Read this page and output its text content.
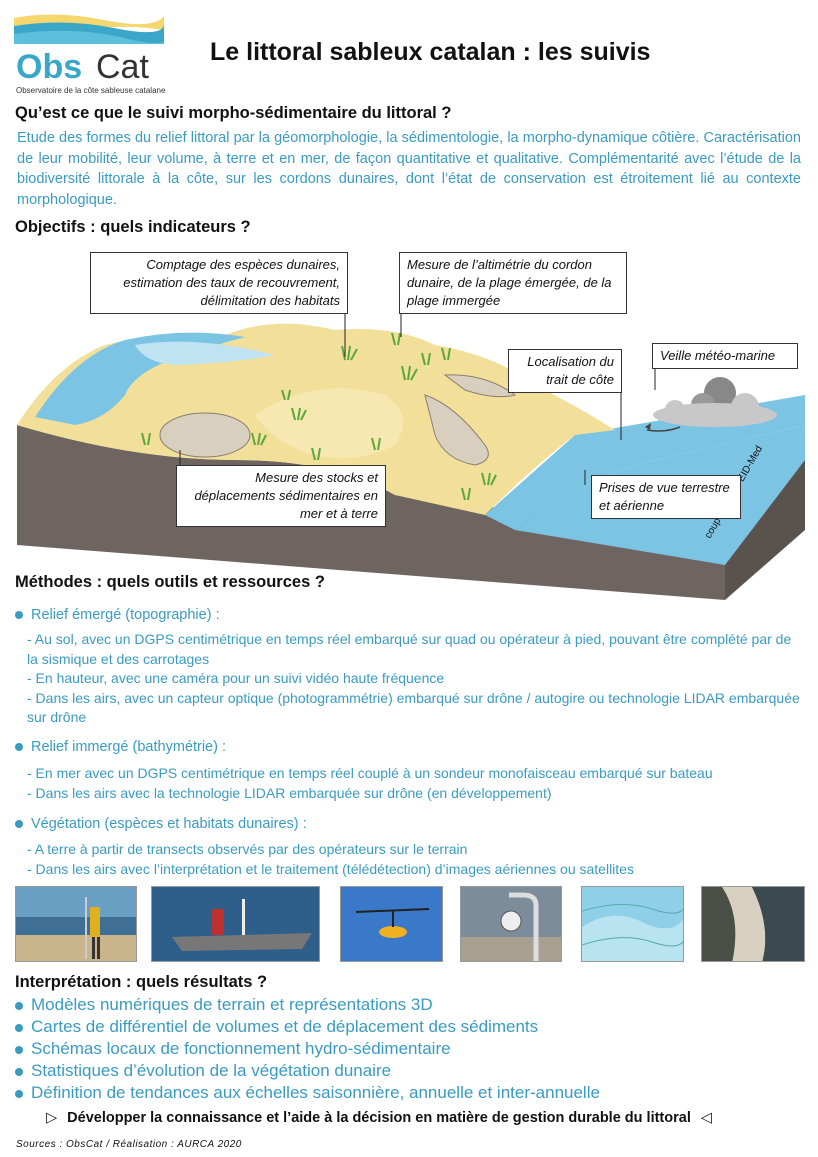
Obs Cat
Observatoire de la côte sableuse catalane
Le littoral sableux catalan : les suivis
Qu’est ce que le suivi morpho-sédimentaire du littoral ?
Etude des formes du relief littoral par la géomorphologie, la sédimentologie, la morpho-dynamique côtière. Caractérisation de leur mobilité, leur volume, à terre et en mer, de façon quantitative et qualitative. Complémentarité avec l’étude de la biodiversité littorale à la côte, sur les cordons dunaires, dont l’état de conservation est étroitement lié au contexte morphologique.
Objectifs : quels indicateurs ?
coupe EID-Med
Comptage des espèces dunaires, estimation des taux de recouvrement, délimitation des habitats
Mesure de l’altimétrie du cordon dunaire, de la plage émergée, de la plage immergée
Localisation du trait de côte
Veille météo-marine
Mesure des stocks et déplacements sédimentaires en mer et à terre
Prises de vue terrestre et aérienne
Méthodes : quels outils et ressources ?
Relief émergé (topographie) :
- Au sol, avec un DGPS centimétrique en temps réel embarqué sur quad ou opérateur à pied, pouvant être complété par de la sismique et des carrotages
- En hauteur, avec une caméra pour un suivi vidéo haute fréquence
- Dans les airs, avec un capteur optique (photogrammétrie) embarqué sur drône / autogire ou technologie LIDAR embarquée sur drône
Relief immergé (bathymétrie) :
- En mer avec un DGPS centimétrique en temps réel couplé à un sondeur monofaisceau embarqué sur bateau
- Dans les airs avec la technologie LIDAR embarquée sur drône (en développement)
Végétation (espèces et habitats dunaires) :
- A terre à partir de transects observés par des opérateurs sur le terrain
- Dans les airs avec l’interprétation et le traitement (télédétection) d’images aériennes ou satellites
Interprétation : quels résultats ?
Modèles numériques de terrain et représentations 3D
Cartes de différentiel de volumes et de déplacement des sédiments
Schémas locaux de fonctionnement hydro-sédimentaire
Statistiques d’évolution de la végétation dunaire
Définition de tendances aux échelles saisonnière, annuelle et inter-annuelle
▷ Développer la connaissance et l’aide à la décision en matière de gestion durable du littoral ◁
Sources : ObsCat / Réalisation : AURCA 2020
